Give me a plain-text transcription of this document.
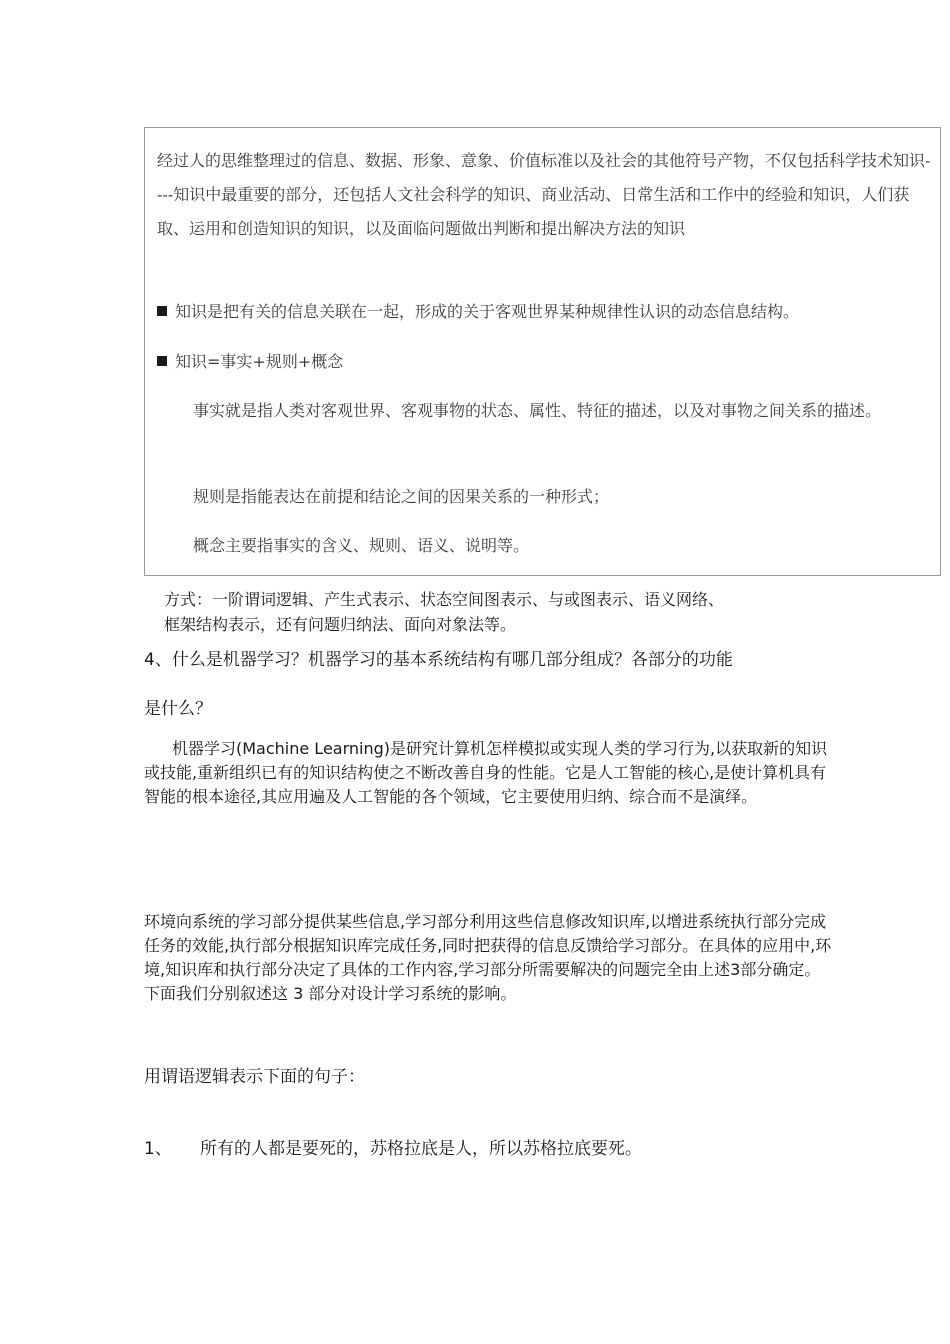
经过人的思维整理过的信息、数据、形象、意象、价值标准以及社会的其他符号产物，不仅包括科学技术知识----知识中最重要的部分，还包括人文社会科学的知识、商业活动、日常生活和工作中的经验和知识，人们获取、运用和创造知识的知识，以及面临问题做出判断和提出解决方法的知识

知识是把有关的信息关联在一起，形成的关于客观世界某种规律性认识的动态信息结构。
知识=事实+规则+概念

事实就是指人类对客观世界、客观事物的状态、属性、特征的描述，以及对事物之间关系的描述。

规则是指能表达在前提和结论之间的因果关系的一种形式；

概念主要指事实的含义、规则、语义、说明等。

方式：一阶谓词逻辑、产生式表示、状态空间图表示、与或图表示、语义网络、

框架结构表示，还有问题归纳法、面向对象法等。

4、什么是机器学习？机器学习的基本系统结构有哪几部分组成？各部分的功能

是什么？

机器学习(Machine Learning)是研究计算机怎样模拟或实现人类的学习行为,以获取新的知识或技能,重新组织已有的知识结构使之不断改善自身的性能。它是人工智能的核心,是使计算机具有智能的根本途径,其应用遍及人工智能的各个领域，它主要使用归纳、综合而不是演绎。

环境向系统的学习部分提供某些信息,学习部分利用这些信息修改知识库,以增进系统执行部分完成任务的效能,执行部分根据知识库完成任务,同时把获得的信息反馈给学习部分。在具体的应用中,环境,知识库和执行部分决定了具体的工作内容,学习部分所需要解决的问题完全由上述3部分确定。下面我们分别叙述这 3 部分对设计学习系统的影响。

用谓语逻辑表示下面的句子：

1、 所有的人都是要死的，苏格拉底是人，所以苏格拉底要死。
